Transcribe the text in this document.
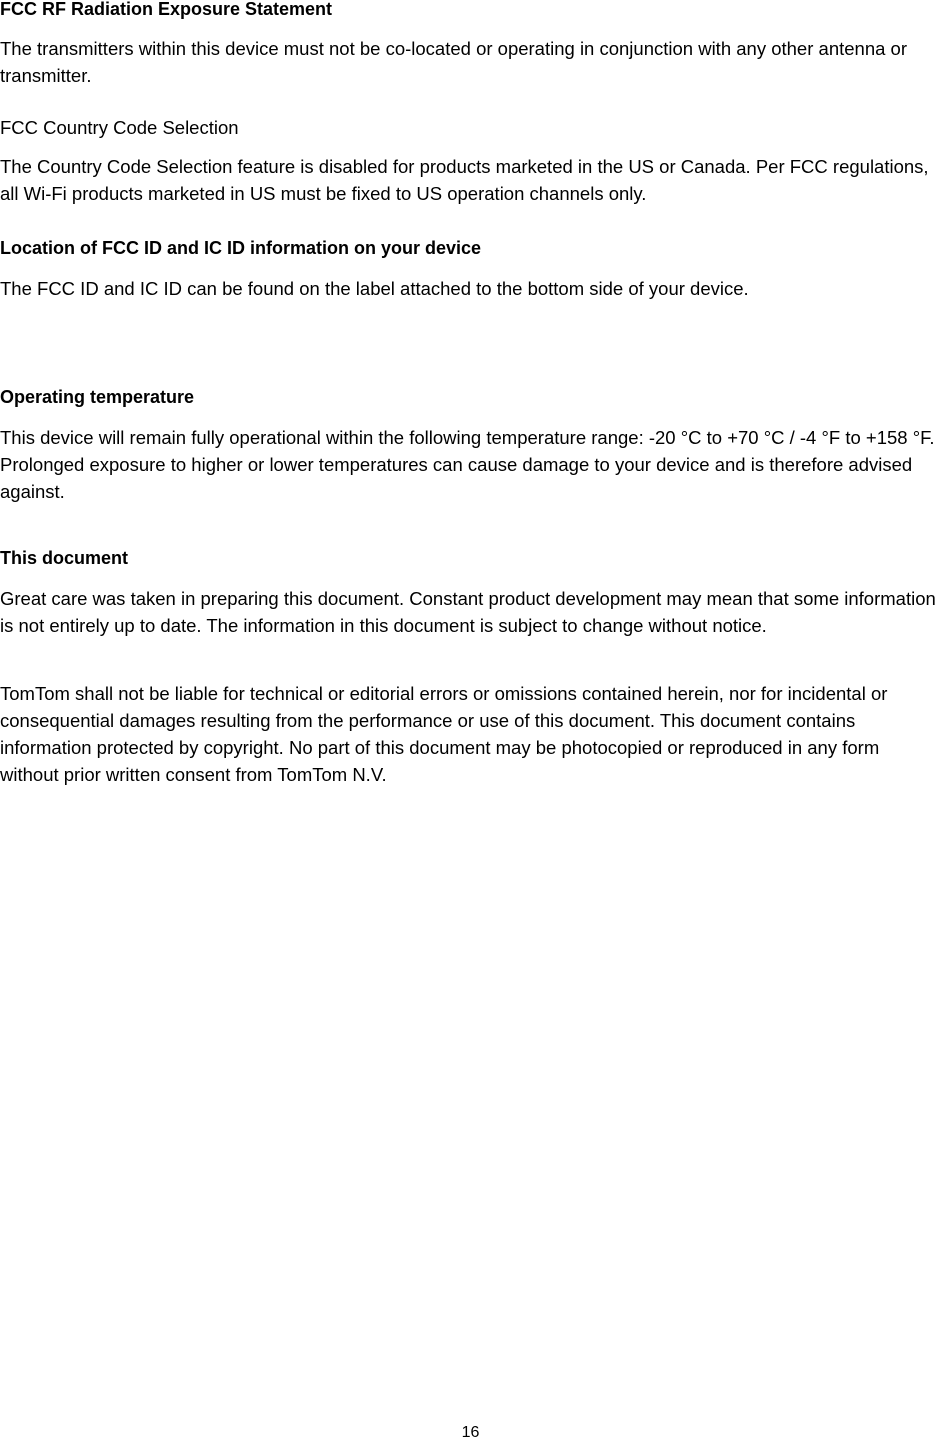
FCC RF Radiation Exposure Statement

The transmitters within this device must not be co-located or operating in conjunction with any other antenna or transmitter.

FCC Country Code Selection

The Country Code Selection feature is disabled for products marketed in the US or Canada. Per FCC regulations, all Wi-Fi products marketed in US must be fixed to US operation channels only.

Location of FCC ID and IC ID information on your device

The FCC ID and IC ID can be found on the label attached to the bottom side of your device.

Operating temperature

This device will remain fully operational within the following temperature range: -20 °C to +70 °C / -4 °F to +158 °F. Prolonged exposure to higher or lower temperatures can cause damage to your device and is therefore advised against.

This document

Great care was taken in preparing this document. Constant product development may mean that some information is not entirely up to date. The information in this document is subject to change without notice.

TomTom shall not be liable for technical or editorial errors or omissions contained herein, nor for incidental or consequential damages resulting from the performance or use of this document. This document contains information protected by copyright. No part of this document may be photocopied or reproduced in any form without prior written consent from TomTom N.V.

16
